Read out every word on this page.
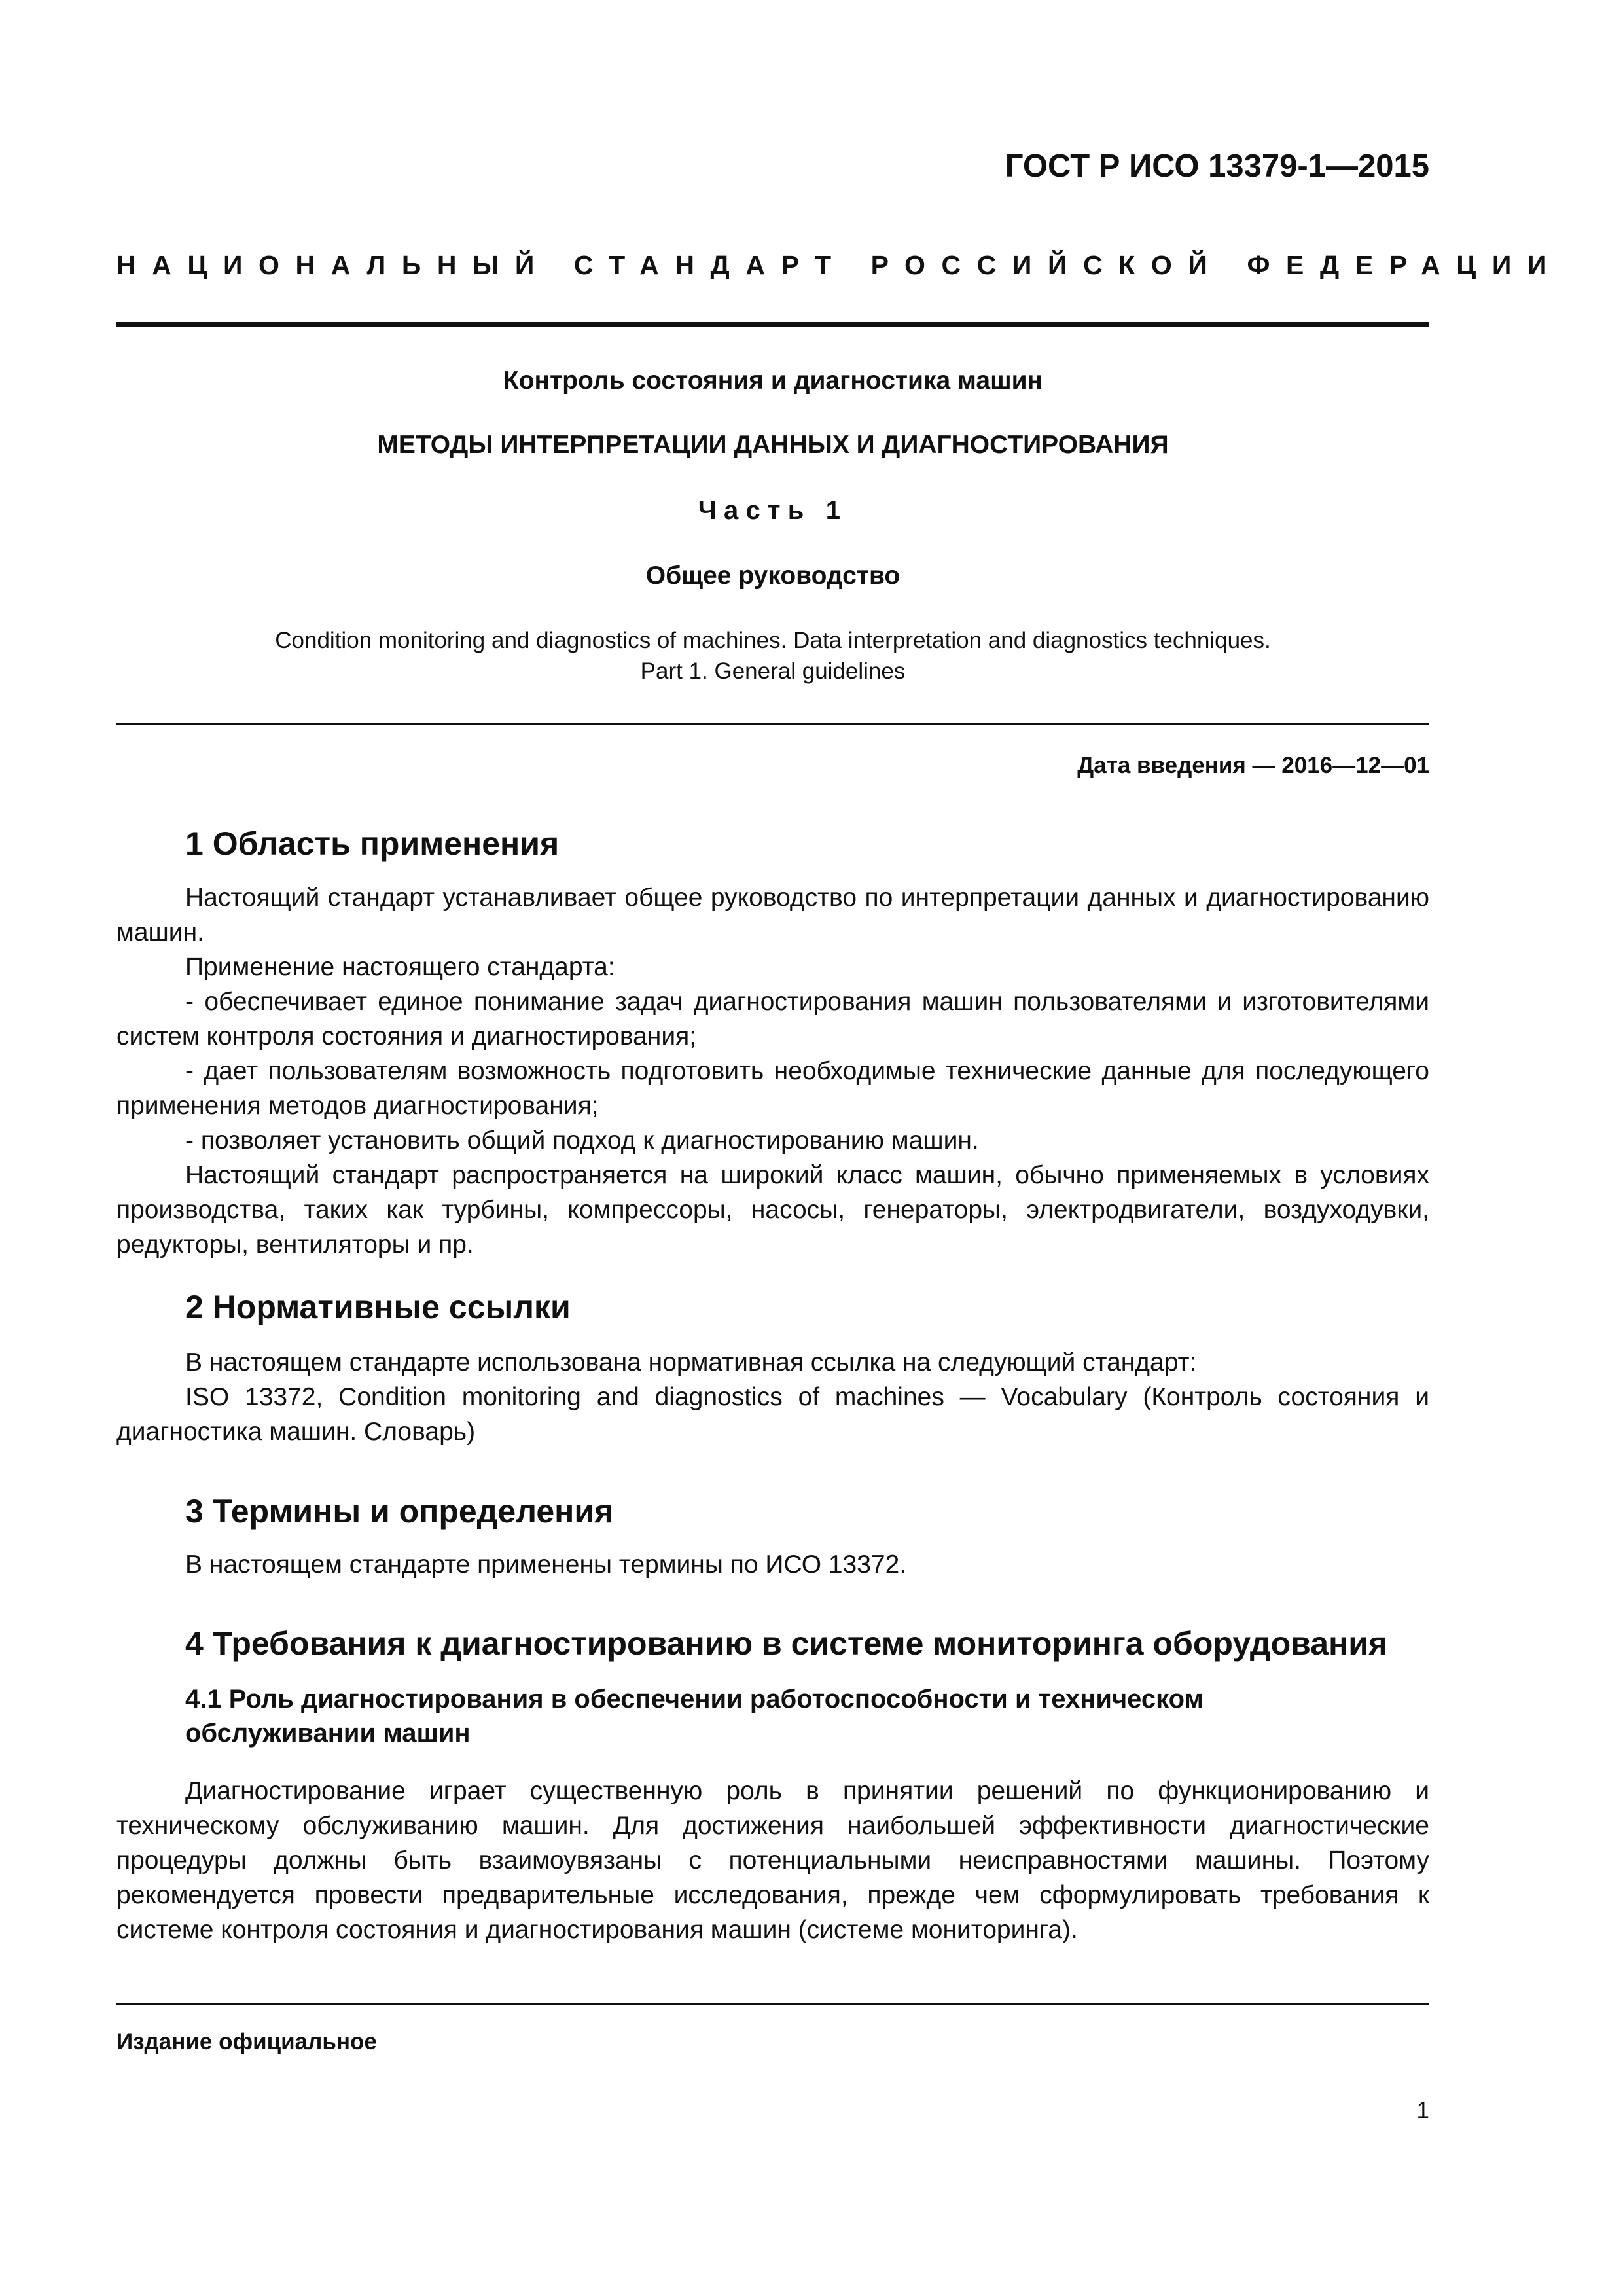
ГОСТ Р ИСО 13379-1—2015
НАЦИОНАЛЬНЫЙ СТАНДАРТ РОССИЙСКОЙ ФЕДЕРАЦИИ
Контроль состояния и диагностика машин
МЕТОДЫ ИНТЕРПРЕТАЦИИ ДАННЫХ И ДИАГНОСТИРОВАНИЯ
Часть 1
Общее руководство
Condition monitoring and diagnostics of machines. Data interpretation and diagnostics techniques.
Part 1. General guidelines
Дата введения — 2016—12—01
1 Область применения

Настоящий стандарт устанавливает общее руководство по интерпретации данных и диагностированию машин.

Применение настоящего стандарта:

- обеспечивает единое понимание задач диагностирования машин пользователями и изготовителями систем контроля состояния и диагностирования;

- дает пользователям возможность подготовить необходимые технические данные для последующего применения методов диагностирования;

- позволяет установить общий подход к диагностированию машин.

Настоящий стандарт распространяется на широкий класс машин, обычно применяемых в условиях производства, таких как турбины, компрессоры, насосы, генераторы, электродвигатели, воздуходувки, редукторы, вентиляторы и пр.

2 Нормативные ссылки

В настоящем стандарте использована нормативная ссылка на следующий стандарт:

ISO 13372, Condition monitoring and diagnostics of machines — Vocabulary (Контроль состояния и диагностика машин. Словарь)

3 Термины и определения

В настоящем стандарте применены термины по ИСО 13372.

4 Требования к диагностированию в системе мониторинга оборудования
4.1 Роль диагностирования в обеспечении работоспособности и техническом
обслуживании машин

Диагностирование играет существенную роль в принятии решений по функционированию и техническому обслуживанию машин. Для достижения наибольшей эффективности диагностические процедуры должны быть взаимоувязаны с потенциальными неисправностями машины. Поэтому рекомендуется провести предварительные исследования, прежде чем сформулировать требования к системе контроля состояния и диагностирования машин (системе мониторинга).

Издание официальное
1
